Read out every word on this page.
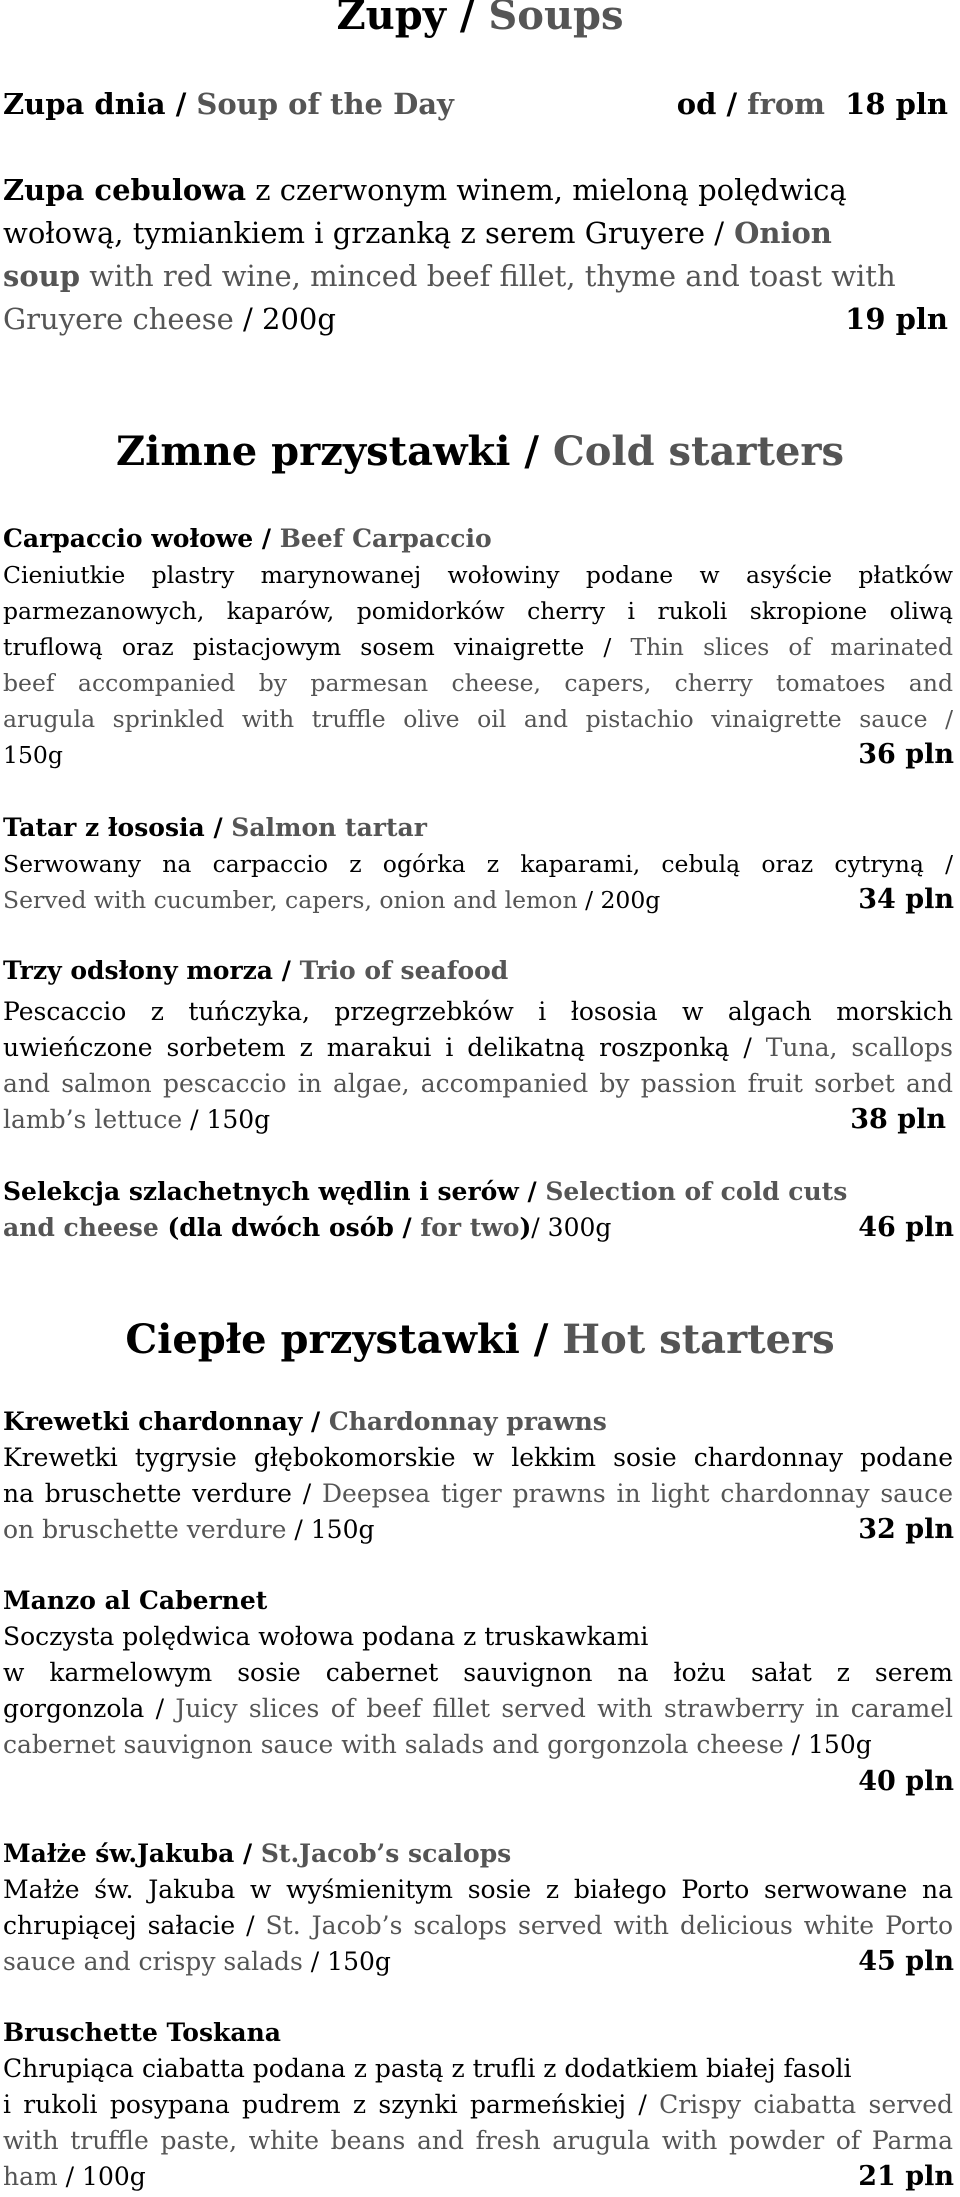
Zupy / Soups
Zupa dnia / Soup of the Day	od / from 18 pln
Zupa cebulowa z czerwonym winem, mieloną polędwicą
wołową, tymiankiem i grzanką z serem Gruyere / Onion
soup with red wine, minced beef fillet, thyme and toast with
Gruyere cheese / 200g	19 pln
Zimne przystawki / Cold starters
Carpaccio wołowe / Beef Carpaccio
Cieniutkie plastry marynowanej wołowiny podane w asyście płatków
parmezanowych, kaparów, pomidorków cherry i rukoli skropione oliwą
truflową oraz pistacjowym sosem vinaigrette / Thin slices of marinated
beef accompanied by parmesan cheese, capers, cherry tomatoes and
arugula sprinkled with truffle olive oil and pistachio vinaigrette sauce /
150g	36 pln
Tatar z łososia / Salmon tartar
Serwowany na carpaccio z ogórka z kaparami, cebulą oraz cytryną /
Served with cucumber, capers, onion and lemon / 200g	34 pln
Trzy odsłony morza / Trio of seafood
Pescaccio z tuńczyka, przegrzebków i łososia w algach morskich
uwieńczone sorbetem z marakui i delikatną roszponką / Tuna, scallops
and salmon pescaccio in algae, accompanied by passion fruit sorbet and
lamb’s lettuce / 150g	38 pln
Selekcja szlachetnych wędlin i serów / Selection of cold cuts
and cheese (dla dwóch osób / for two)/ 300g	46 pln
Ciepłe przystawki / Hot starters
Krewetki chardonnay / Chardonnay prawns
Krewetki tygrysie głębokomorskie w lekkim sosie chardonnay podane
na bruschette verdure / Deepsea tiger prawns in light chardonnay sauce
on bruschette verdure / 150g	32 pln
Manzo al Cabernet
Soczysta polędwica wołowa podana z truskawkami
w karmelowym sosie cabernet sauvignon na łożu sałat z serem
gorgonzola / Juicy slices of beef fillet served with strawberry in caramel
cabernet sauvignon sauce with salads and gorgonzola cheese / 150g
40 pln
Małże św.Jakuba / St.Jacob’s scalops
Małże św. Jakuba w wyśmienitym sosie z białego Porto serwowane na
chrupiącej sałacie / St. Jacob’s scalops served with delicious white Porto
sauce and crispy salads / 150g	45 pln
Bruschette Toskana
Chrupiąca ciabatta podana z pastą z trufli z dodatkiem białej fasoli
i rukoli posypana pudrem z szynki parmeńskiej / Crispy ciabatta served
with truffle paste, white beans and fresh arugula with powder of Parma
ham / 100g	21 pln
